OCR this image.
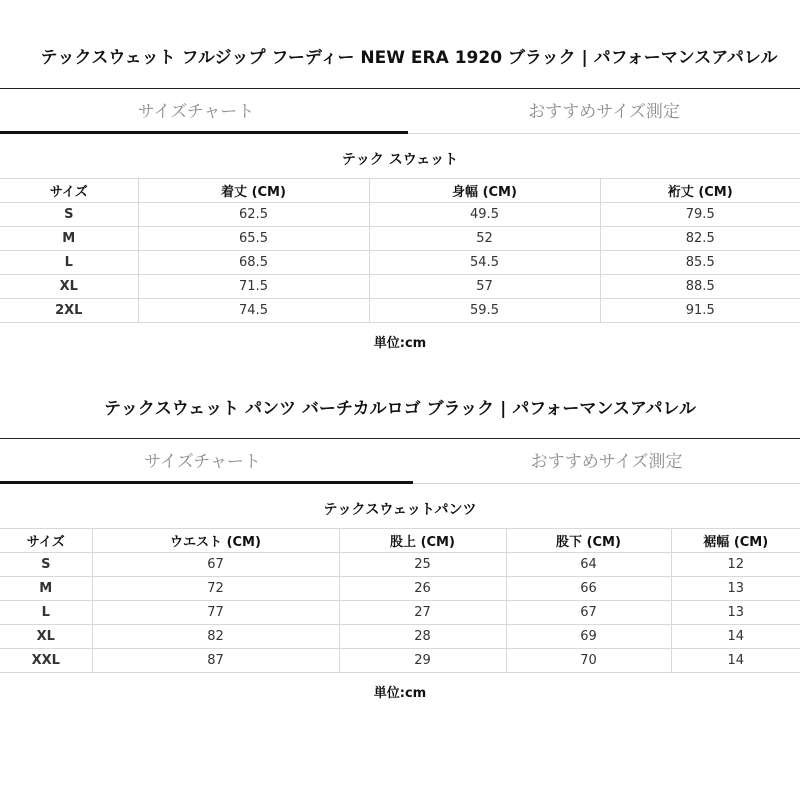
テックスウェット フルジップ フーディー NEW ERA 1920 ブラック | パフォーマンスアパレル
サイズチャート	おすすめサイズ測定
テック スウェット
サイズ	着丈 (CM)	身幅 (CM)	裄丈 (CM)
S	62.5	49.5	79.5
M	65.5	52	82.5
L	68.5	54.5	85.5
XL	71.5	57	88.5
2XL	74.5	59.5	91.5
単位:cm
テックスウェット パンツ バーチカルロゴ ブラック | パフォーマンスアパレル
サイズチャート	おすすめサイズ測定
テックスウェットパンツ
サイズ	ウエスト (CM)	股上 (CM)	股下 (CM)	裾幅 (CM)
S	67	25	64	12
M	72	26	66	13
L	77	27	67	13
XL	82	28	69	14
XXL	87	29	70	14
単位:cm
